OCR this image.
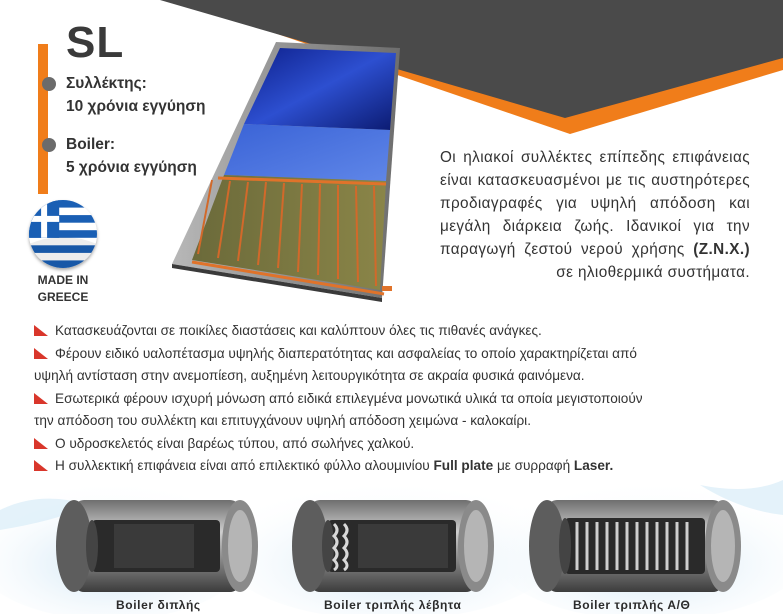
SL
Συλλέκτης:
10 χρόνια εγγύηση
Boiler:
5 χρόνια εγγύηση
MADE IN
GREECE
Οι ηλιακοί συλλέκτες επίπεδης επιφάνειας είναι κατασκευασμένοι με τις αυστηρότερες προδιαγραφές για υψηλή απόδοση και μεγάλη διάρκεια ζωής. Ιδανικοί για την παραγωγή ζεστού νερού χρήσης (Z.N.X.) σε ηλιοθερμικά συστήματα.
Κατασκευάζονται σε ποικίλες διαστάσεις και καλύπτουν όλες τις πιθανές ανάγκες.
Φέρουν ειδικό υαλοπέτασμα υψηλής διαπερατότητας και ασφαλείας το οποίο χαρακτηρίζεται από
υψηλή αντίσταση στην ανεμοπίεση, αυξημένη λειτουργικότητα σε ακραία φυσικά φαινόμενα.
Εσωτερικά φέρουν ισχυρή μόνωση από ειδικά επιλεγμένα μονωτικά υλικά τα οποία μεγιστοποιούν
την απόδοση του συλλέκτη και επιτυγχάνουν υψηλή απόδοση χειμώνα - καλοκαίρι.
Ο υδροσκελετός είναι βαρέως τύπου, από σωλήνες χαλκού.
Η συλλεκτική επιφάνεια είναι από επιλεκτικό φύλλο αλουμινίου Full plate με συρραφή Laser.
Boiler διπλής	Boiler τριπλής λέβητα	Boiler τριπλής Α/Θ
